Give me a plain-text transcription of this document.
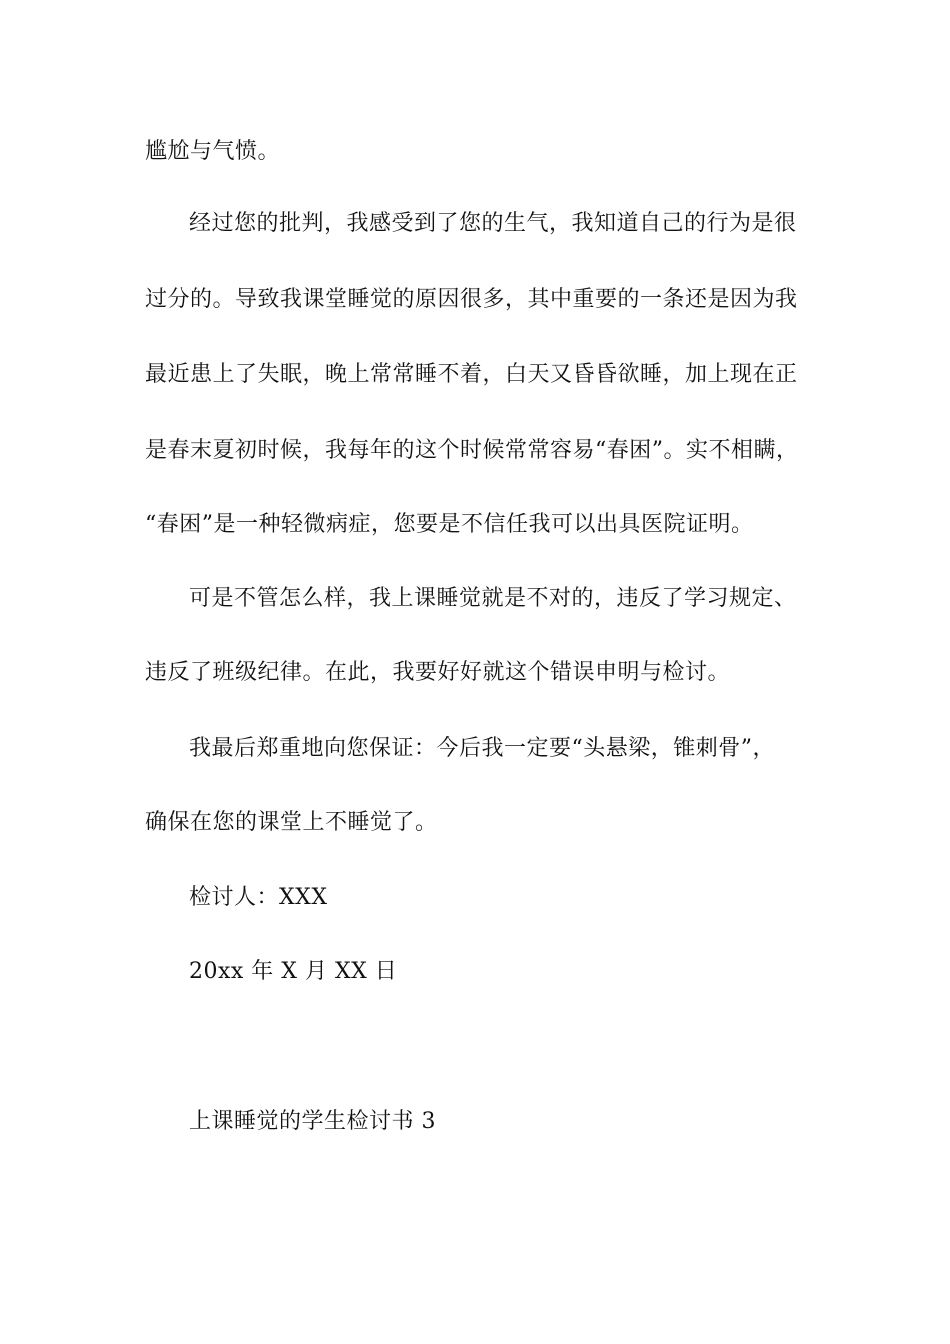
尴尬与气愤。
经过您的批判，我感受到了您的生气，我知道自己的行为是很
过分的。导致我课堂睡觉的原因很多，其中重要的一条还是因为我
最近患上了失眠，晚上常常睡不着，白天又昏昏欲睡，加上现在正
是春末夏初时候，我每年的这个时候常常容易“春困”。实不相瞒，
“春困”是一种轻微病症，您要是不信任我可以出具医院证明。
可是不管怎么样，我上课睡觉就是不对的，违反了学习规定、
违反了班级纪律。在此，我要好好就这个错误申明与检讨。
我最后郑重地向您保证：今后我一定要“头悬梁，锥刺骨”，
确保在您的课堂上不睡觉了。
检讨人：XXX
20xx 年 X 月 XX 日
上课睡觉的学生检讨书 3
